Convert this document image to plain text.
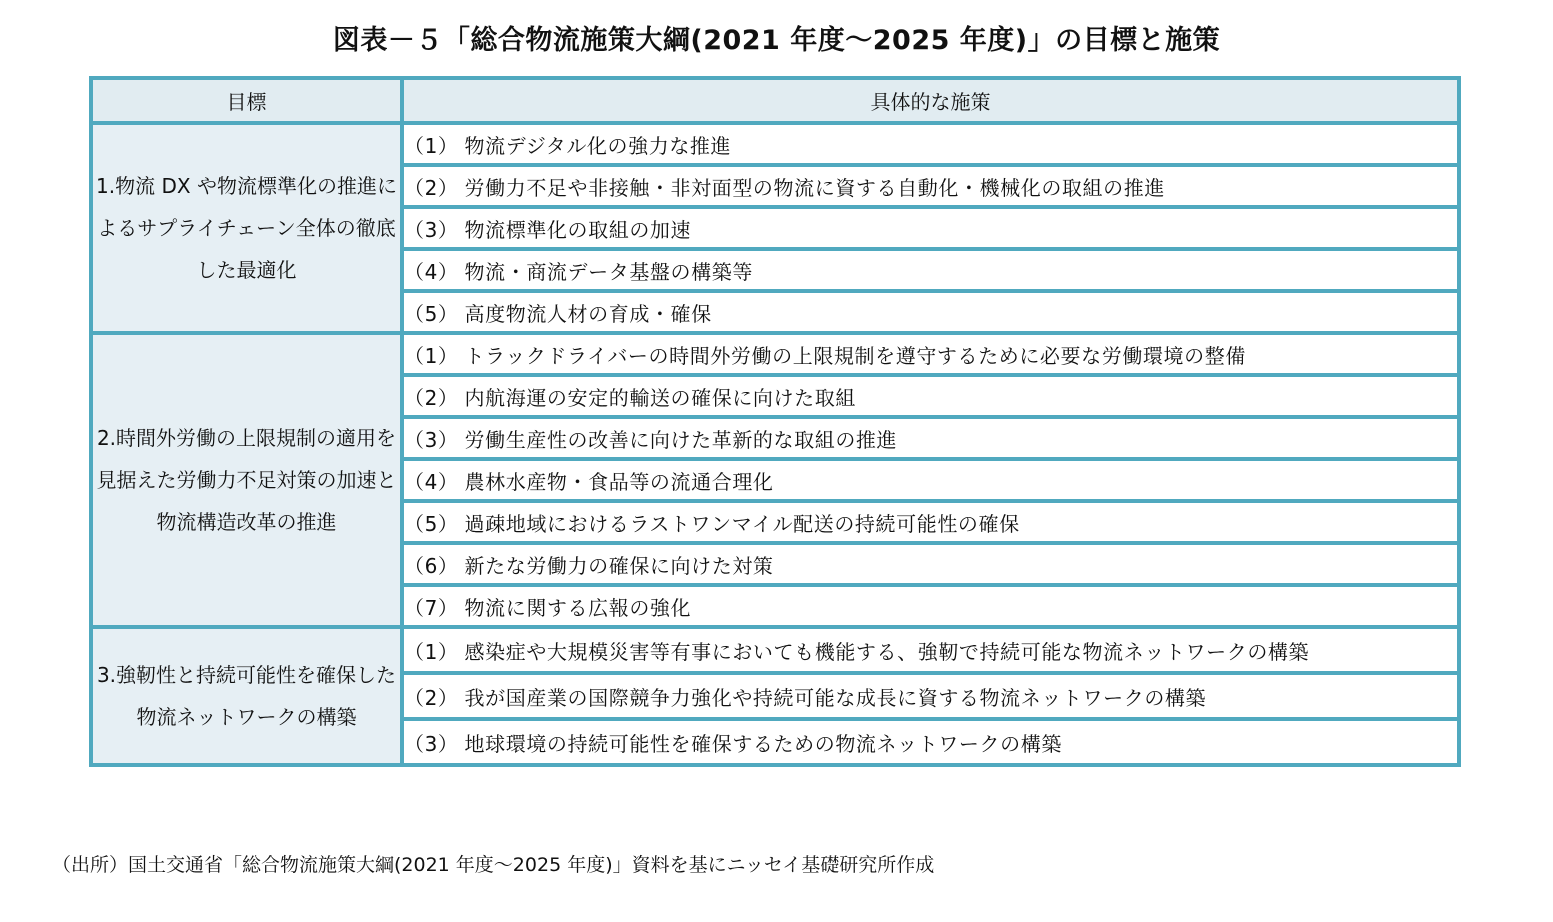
図表－５「総合物流施策大綱(2021 年度～2025 年度)」の目標と施策
目標	具体的な施策
1.物流 DX や物流標準化の推進によるサプライチェーン全体の徹底した最適化	（1） 物流デジタル化の強力な推進
	（2） 労働力不足や非接触・非対面型の物流に資する自動化・機械化の取組の推進
	（3） 物流標準化の取組の加速
	（4） 物流・商流データ基盤の構築等
	（5） 高度物流人材の育成・確保
2.時間外労働の上限規制の適用を見据えた労働力不足対策の加速と物流構造改革の推進	（1） トラックドライバーの時間外労働の上限規制を遵守するために必要な労働環境の整備
	（2） 内航海運の安定的輸送の確保に向けた取組
	（3） 労働生産性の改善に向けた革新的な取組の推進
	（4） 農林水産物・食品等の流通合理化
	（5） 過疎地域におけるラストワンマイル配送の持続可能性の確保
	（6） 新たな労働力の確保に向けた対策
	（7） 物流に関する広報の強化
3.強靭性と持続可能性を確保した物流ネットワークの構築	（1） 感染症や大規模災害等有事においても機能する、強靭で持続可能な物流ネットワークの構築
	（2） 我が国産業の国際競争力強化や持続可能な成長に資する物流ネットワークの構築
	（3） 地球環境の持続可能性を確保するための物流ネットワークの構築
（出所）国土交通省「総合物流施策大綱(2021 年度～2025 年度)」資料を基にニッセイ基礎研究所作成
